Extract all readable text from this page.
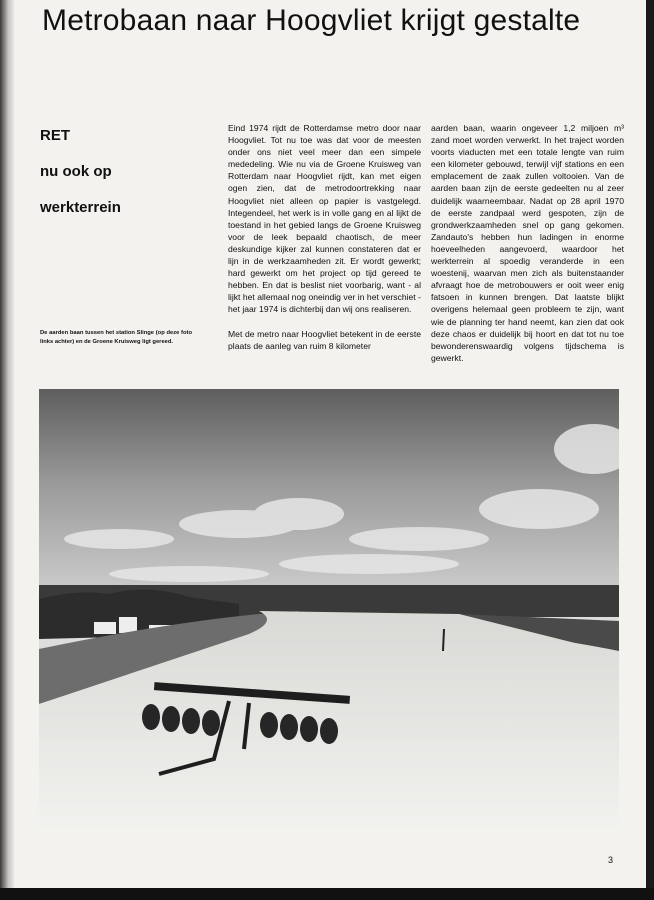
Metrobaan naar Hoogvliet krijgt gestalte
RET
nu ook op
werkterrein
De aarden baan tussen het station Slinge (op deze foto links achter) en de Groene Kruisweg ligt gereed.

Eind 1974 rijdt de Rotterdamse metro door naar Hoogvliet. Tot nu toe was dat voor de meesten onder ons niet veel meer dan een simpele mededeling. Wie nu via de Groene Kruisweg van Rotterdam naar Hoogvliet rijdt, kan met eigen ogen zien, dat de metrodoortrekking naar Hoogvliet niet alleen op papier is vastgelegd. Integendeel, het werk is in volle gang en al lijkt de toestand in het gebied langs de Groene Kruisweg voor de leek bepaald chaotisch, de meer deskundige kijker zal kunnen constateren dat er lijn in de werkzaamheden zit. Er wordt gewerkt; hard gewerkt om het project op tijd gereed te hebben. En dat is beslist niet voorbarig, want - al lijkt het allemaal nog oneindig ver in het verschiet - het jaar 1974 is dichterbij dan wij ons realiseren.

Met de metro naar Hoogvliet betekent in de eerste plaats de aanleg van ruim 8 kilometer

aarden baan, waarin ongeveer 1,2 miljoen m³ zand moet worden verwerkt. In het traject worden voorts viaducten met een totale lengte van ruim een kilometer gebouwd, terwijl vijf stations en een emplacement de zaak zullen voltooien. Van de aarden baan zijn de eerste gedeelten nu al zeer duidelijk waarneembaar. Nadat op 28 april 1970 de eerste zandpaal werd gespoten, zijn de grondwerkzaamheden snel op gang gekomen. Zandauto's hebben hun ladingen in enorme hoeveelheden aangevoerd, waardoor het werkterrein al spoedig veranderde in een woestenij, waarvan men zich als buitenstaander afvraagt hoe de metrobouwers er ooit weer enig fatsoen in kunnen brengen. Dat laatste blijkt overigens helemaal geen probleem te zijn, want wie de planning ter hand neemt, kan zien dat ook deze chaos er duidelijk bij hoort en dat tot nu toe bewonderenswaardig volgens tijdschema is gewerkt.

3
